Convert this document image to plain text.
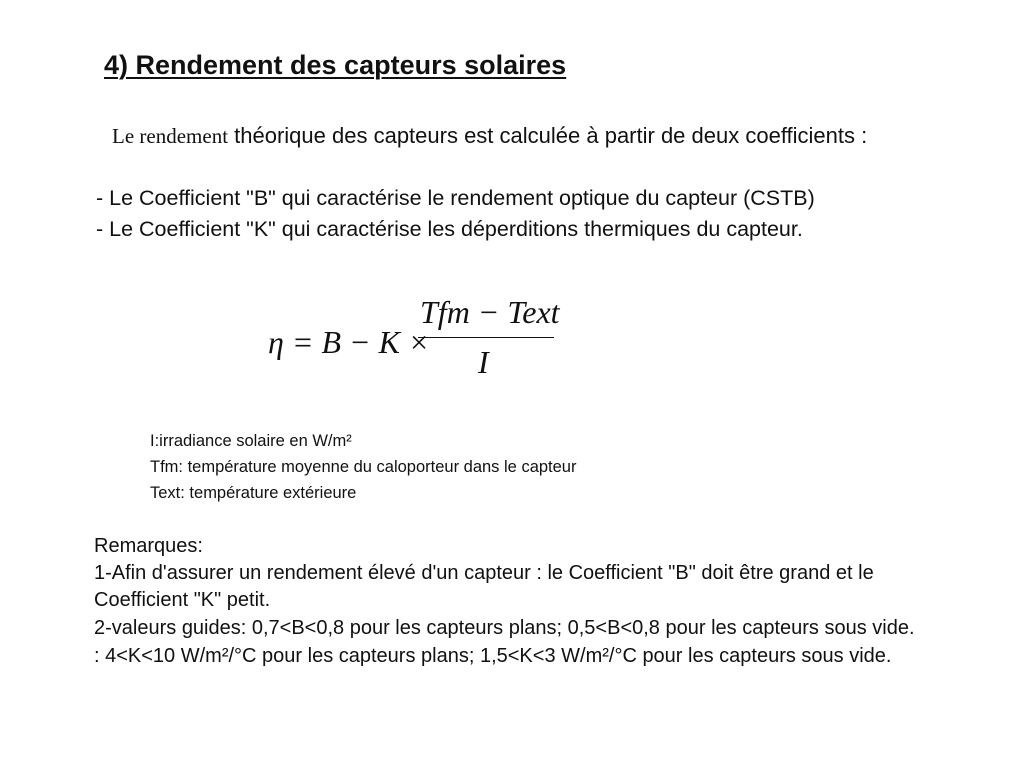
4) Rendement des capteurs solaires
Le rendement théorique des capteurs est calculée à partir de deux coefficients :
- Le Coefficient "B" qui caractérise le rendement optique du capteur (CSTB)
- Le Coefficient "K" qui caractérise les déperditions thermiques du capteur.
η = B − K ×
Tfm − Text
I
I:irradiance solaire en W/m²
Tfm: température moyenne du caloporteur dans le capteur
Text: température extérieure
Remarques:
1-Afin d'assurer un rendement élevé d'un capteur : le Coefficient "B" doit être grand et le
Coefficient "K" petit.
2-valeurs guides: 0,7<B<0,8 pour les capteurs plans; 0,5<B<0,8 pour les capteurs sous vide.
: 4<K<10 W/m²/°C pour les capteurs plans; 1,5<K<3 W/m²/°C pour les capteurs sous vide.
